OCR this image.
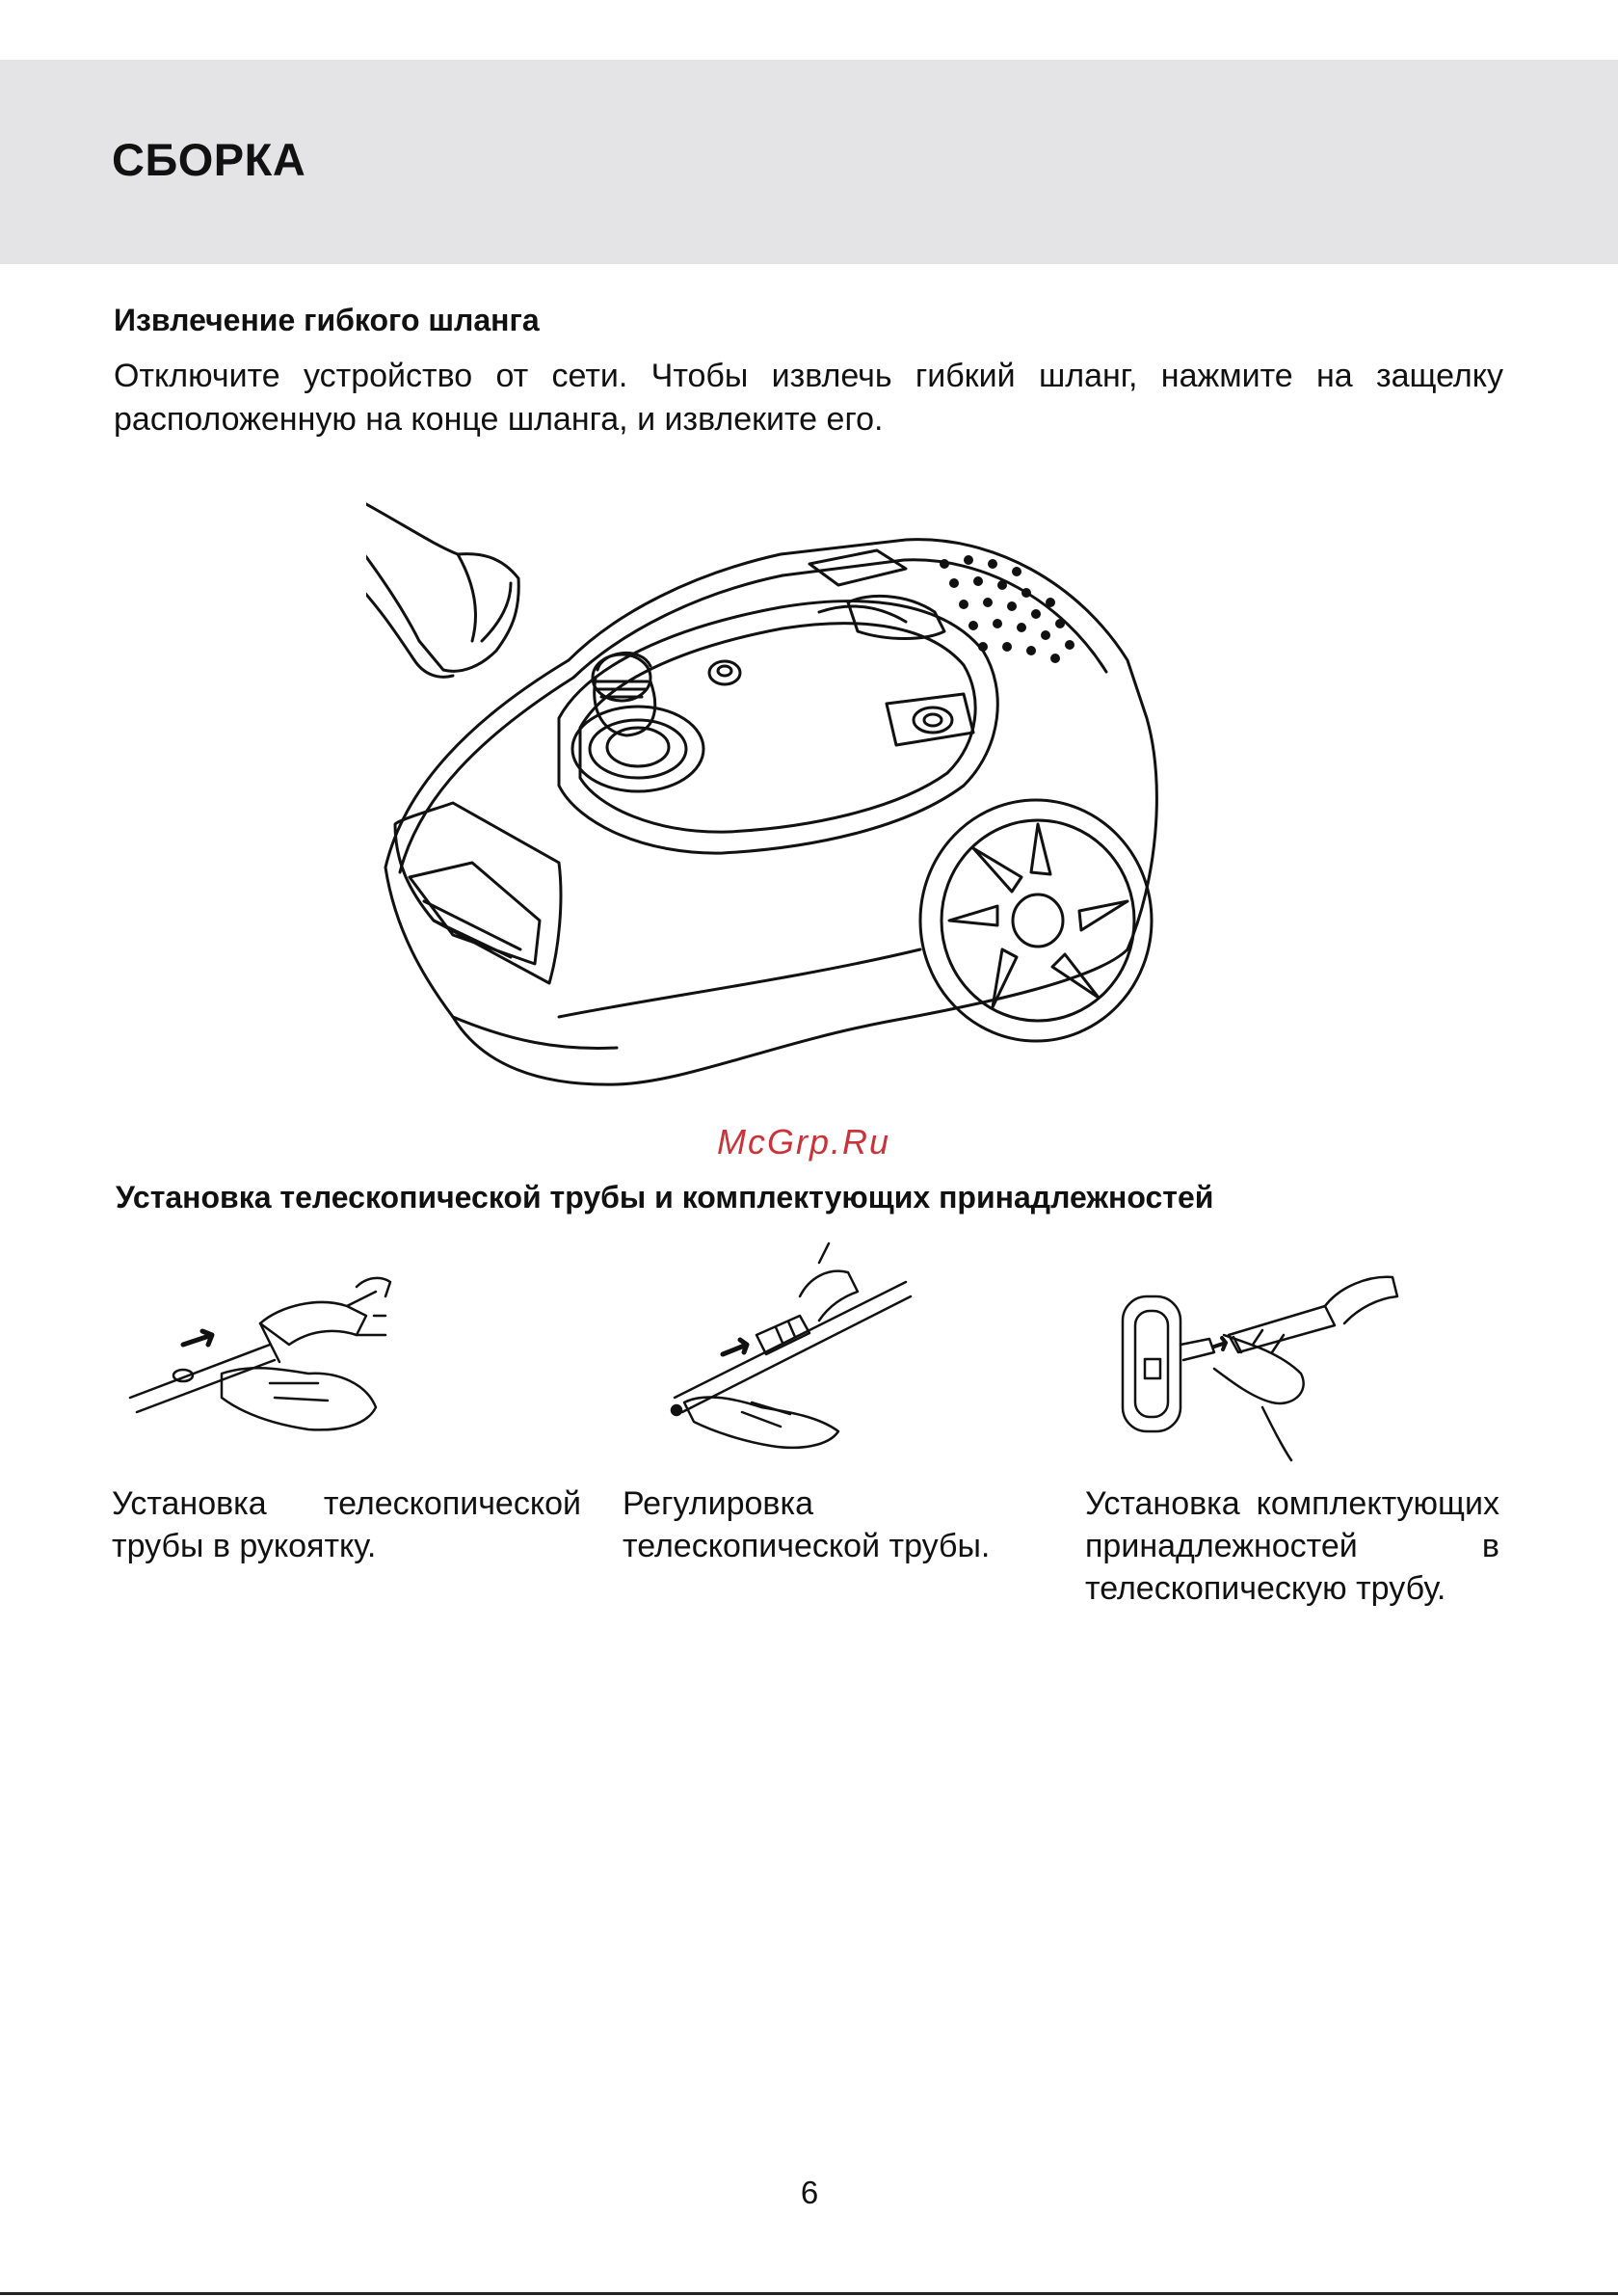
СБОРКА
Извлечение гибкого шланга

Отключите устройство от сети. Чтобы извлечь гибкий шланг, нажмите на защелку расположенную на конце шланга, и извлеките его.

McGrp.Ru

Установка телескопической трубы и комплектующих принадлежностей

Установка телескопической трубы в рукоятку.

Регулировка телескопической трубы.

Установка комплектующих принадлежностей в телескопическую трубу.

6
